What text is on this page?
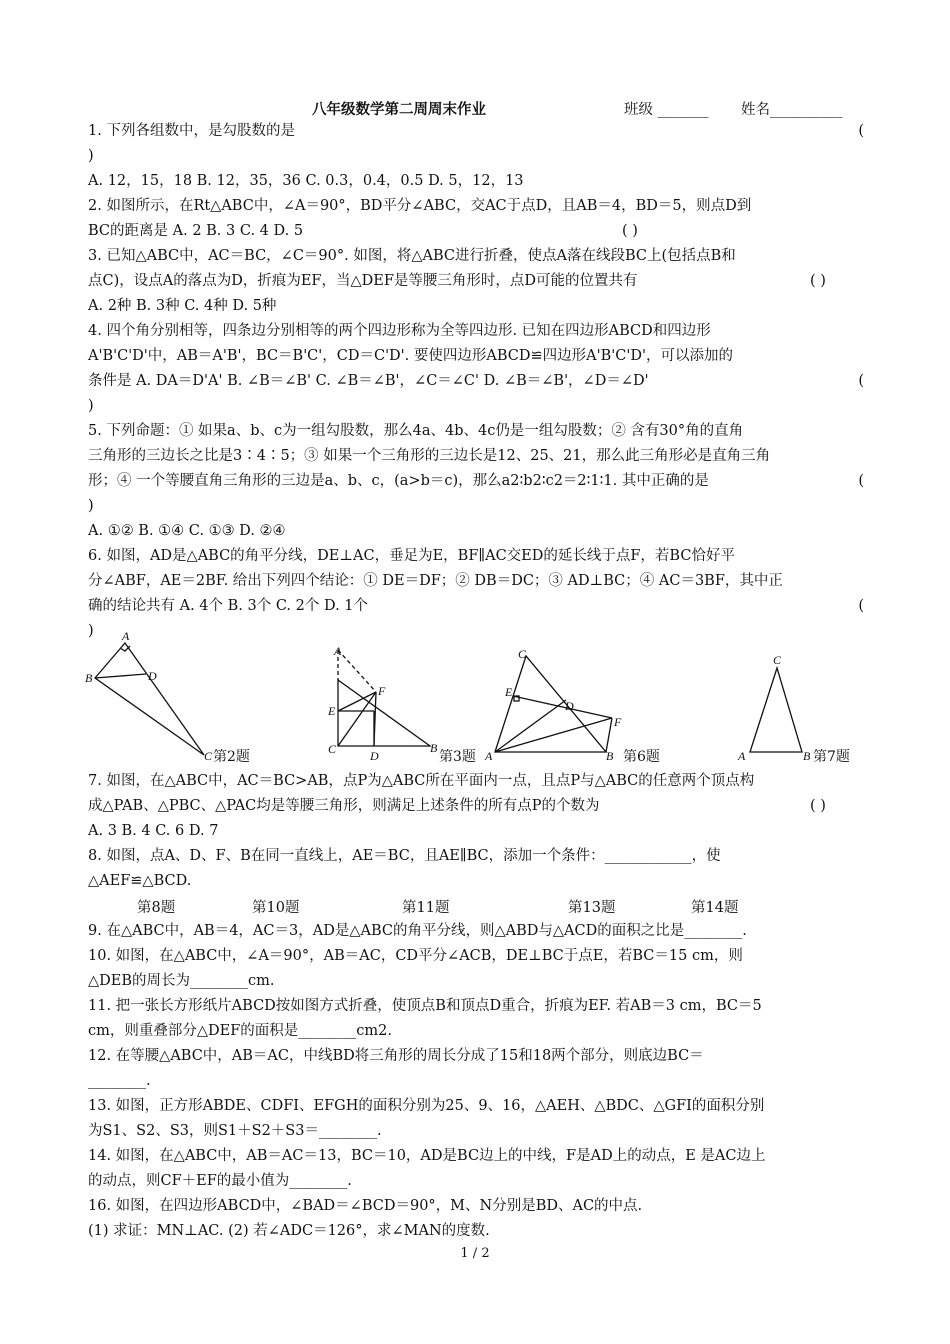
八年级数学第二周周末作业	班级 _______ 姓名__________
1. 下列各组数中，是勾股数的是	(
)
A. 12，15，18 B. 12，35，36 C. 0.3，0.4，0.5 D. 5，12，13
2. 如图所示，在Rt△ABC中，∠A＝90°，BD平分∠ABC，交AC于点D，且AB＝4，BD＝5，则点D到
BC的距离是 A. 2 B. 3 C. 4 D. 5	( )
3. 已知△ABC中，AC＝BC，∠C＝90°. 如图，将△ABC进行折叠，使点A落在线段BC上(包括点B和
点C)，设点A的落点为D，折痕为EF，当△DEF是等腰三角形时，点D可能的位置共有	( )
A. 2种 B. 3种 C. 4种 D. 5种
4. 四个角分别相等，四条边分别相等的两个四边形称为全等四边形. 已知在四边形ABCD和四边形
A'B'C'D'中，AB＝A'B'，BC＝B'C'，CD＝C'D'. 要使四边形ABCD≌四边形A'B'C'D'，可以添加的
条件是 A. DA＝D'A' B. ∠B＝∠B' C. ∠B＝∠B'，∠C＝∠C' D. ∠B＝∠B'，∠D＝∠D'	(
)
5. 下列命题：① 如果a、b、c为一组勾股数，那么4a、4b、4c仍是一组勾股数；② 含有30°角的直角
三角形的三边长之比是3∶4∶5；③ 如果一个三角形的三边长是12、25、21，那么此三角形必是直角三角
形；④ 一个等腰直角三角形的三边是a、b、c，(a>b＝c)，那么a2∶b2∶c2＝2∶1∶1. 其中正确的是	(
)
A. ①② B. ①④ C. ①③ D. ②④
6. 如图，AD是△ABC的角平分线，DE⊥AC，垂足为E，BF∥AC交ED的延长线于点F，若BC恰好平
分∠ABF，AE＝2BF. 给出下列四个结论：① DE＝DF；② DB＝DC；③ AD⊥BC；④ AC＝3BF，其中正
确的结论共有 A. 4个 B. 3个 C. 2个 D. 1个	(
)	A
B	D
C
A
F
E
C	D
B
C
E
D
F
B
A
C
A	B
第2题	第3题	第6题	第7题
7. 如图，在△ABC中，AC＝BC>AB，点P为△ABC所在平面内一点，且点P与△ABC的任意两个顶点构
成△PAB、△PBC、△PAC均是等腰三角形，则满足上述条件的所有点P的个数为	( )
A. 3 B. 4 C. 6 D. 7
8. 如图，点A、D、F、B在同一直线上，AE＝BC，且AE∥BC，添加一个条件：____________，使
△AEF≌△BCD.
第8题	第10题	第11题	第13题	第14题
9. 在△ABC中，AB＝4，AC＝3，AD是△ABC的角平分线，则△ABD与△ACD的面积之比是________.
10. 如图，在△ABC中，∠A＝90°，AB＝AC，CD平分∠ACB，DE⊥BC于点E，若BC＝15 cm，则
△DEB的周长为________cm.
11. 把一张长方形纸片ABCD按如图方式折叠，使顶点B和顶点D重合，折痕为EF. 若AB＝3 cm，BC＝5
cm，则重叠部分△DEF的面积是________cm2.
12. 在等腰△ABC中，AB＝AC，中线BD将三角形的周长分成了15和18两个部分，则底边BC＝
________.
13. 如图，正方形ABDE、CDFI、EFGH的面积分别为25、9、16，△AEH、△BDC、△GFI的面积分别
为S1、S2、S3，则S1＋S2＋S3＝________.
14. 如图，在△ABC中，AB＝AC＝13，BC＝10，AD是BC边上的中线，F是AD上的动点，E 是AC边上
的动点，则CF＋EF的最小值为________.
16. 如图，在四边形ABCD中，∠BAD＝∠BCD＝90°，M、N分别是BD、AC的中点.
(1) 求证：MN⊥AC. (2) 若∠ADC＝126°，求∠MAN的度数.
1 / 2
